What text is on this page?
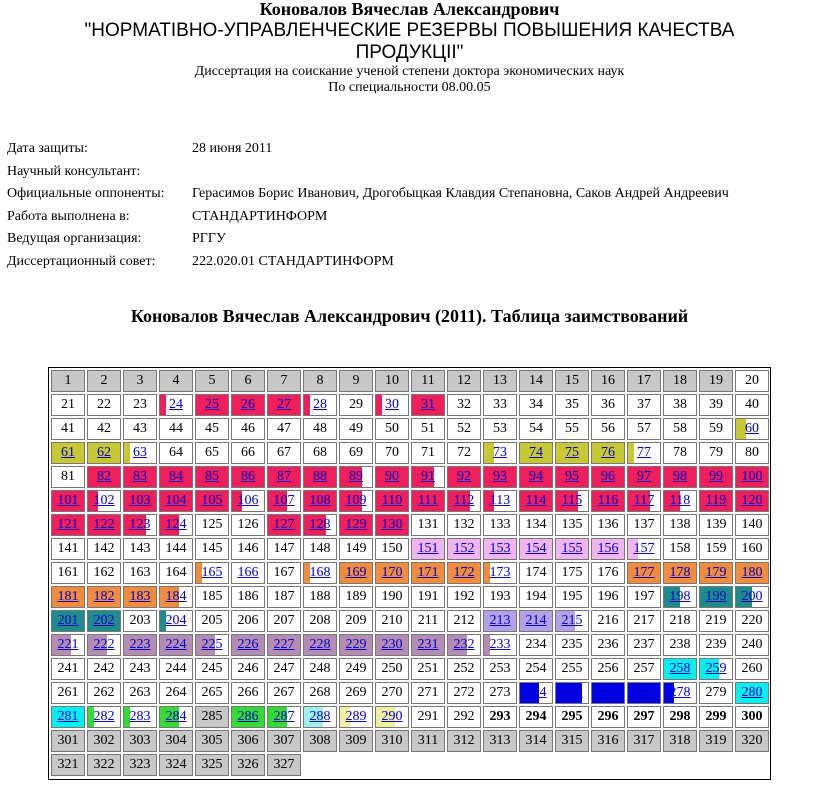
Коновалов Вячеслав Александрович
"НОРМАТIВНО-УПРАВЛЕНЧЕСКИЕ РЕЗЕРВЫ ПОВЫШЕНИЯ КАЧЕСТВА ПРОДУКЦII"
Диссертация на соискание ученой степени доктора экономических наук
По специальности 08.00.05
Дата защиты:	28 июня 2011
Научный консультант:	
Официальные оппоненты:	Герасимов Борис Иванович, Дрогобыцкая Клавдия Степановна, Саков Андрей Андреевич
Работа выполнена в:	СТАНДАРТИНФОРМ
Ведущая организация:	РГГУ
Диссертационный совет:	222.020.01 СТАНДАРТИНФОРМ
Коновалов Вячеслав Александрович (2011). Таблица заимствований
1	2	3	4	5	6	7	8	9	10	11	12	13	14	15	16	17	18	19	20
21	22	23	24	25	26	27	28	29	30	31	32	33	34	35	36	37	38	39	40
41	42	43	44	45	46	47	48	49	50	51	52	53	54	55	56	57	58	59	60
61	62	63	64	65	66	67	68	69	70	71	72	73	74	75	76	77	78	79	80
81	82	83	84	85	86	87	88	89	90	91	92	93	94	95	96	97	98	99	100
101	102	103	104	105	106	107	108	109	110	111	112	113	114	115	116	117	118	119	120
121	122	123	124	125	126	127	128	129	130	131	132	133	134	135	136	137	138	139	140
141	142	143	144	145	146	147	148	149	150	151	152	153	154	155	156	157	158	159	160
161	162	163	164	165	166	167	168	169	170	171	172	173	174	175	176	177	178	179	180
181	182	183	184	185	186	187	188	189	190	191	192	193	194	195	196	197	198	199	200
201	202	203	204	205	206	207	208	209	210	211	212	213	214	215	216	217	218	219	220
221	222	223	224	225	226	227	228	229	230	231	232	233	234	235	236	237	238	239	240
241	242	243	244	245	246	247	248	249	250	251	252	253	254	255	256	257	258	259	260
261	262	263	264	265	266	267	268	269	270	271	272	273	274	275	276	277	278	279	280
281	282	283	284	285	286	287	288	289	290	291	292	293	294	295	296	297	298	299	300
301	302	303	304	305	306	307	308	309	310	311	312	313	314	315	316	317	318	319	320
321	322	323	324	325	326	327
